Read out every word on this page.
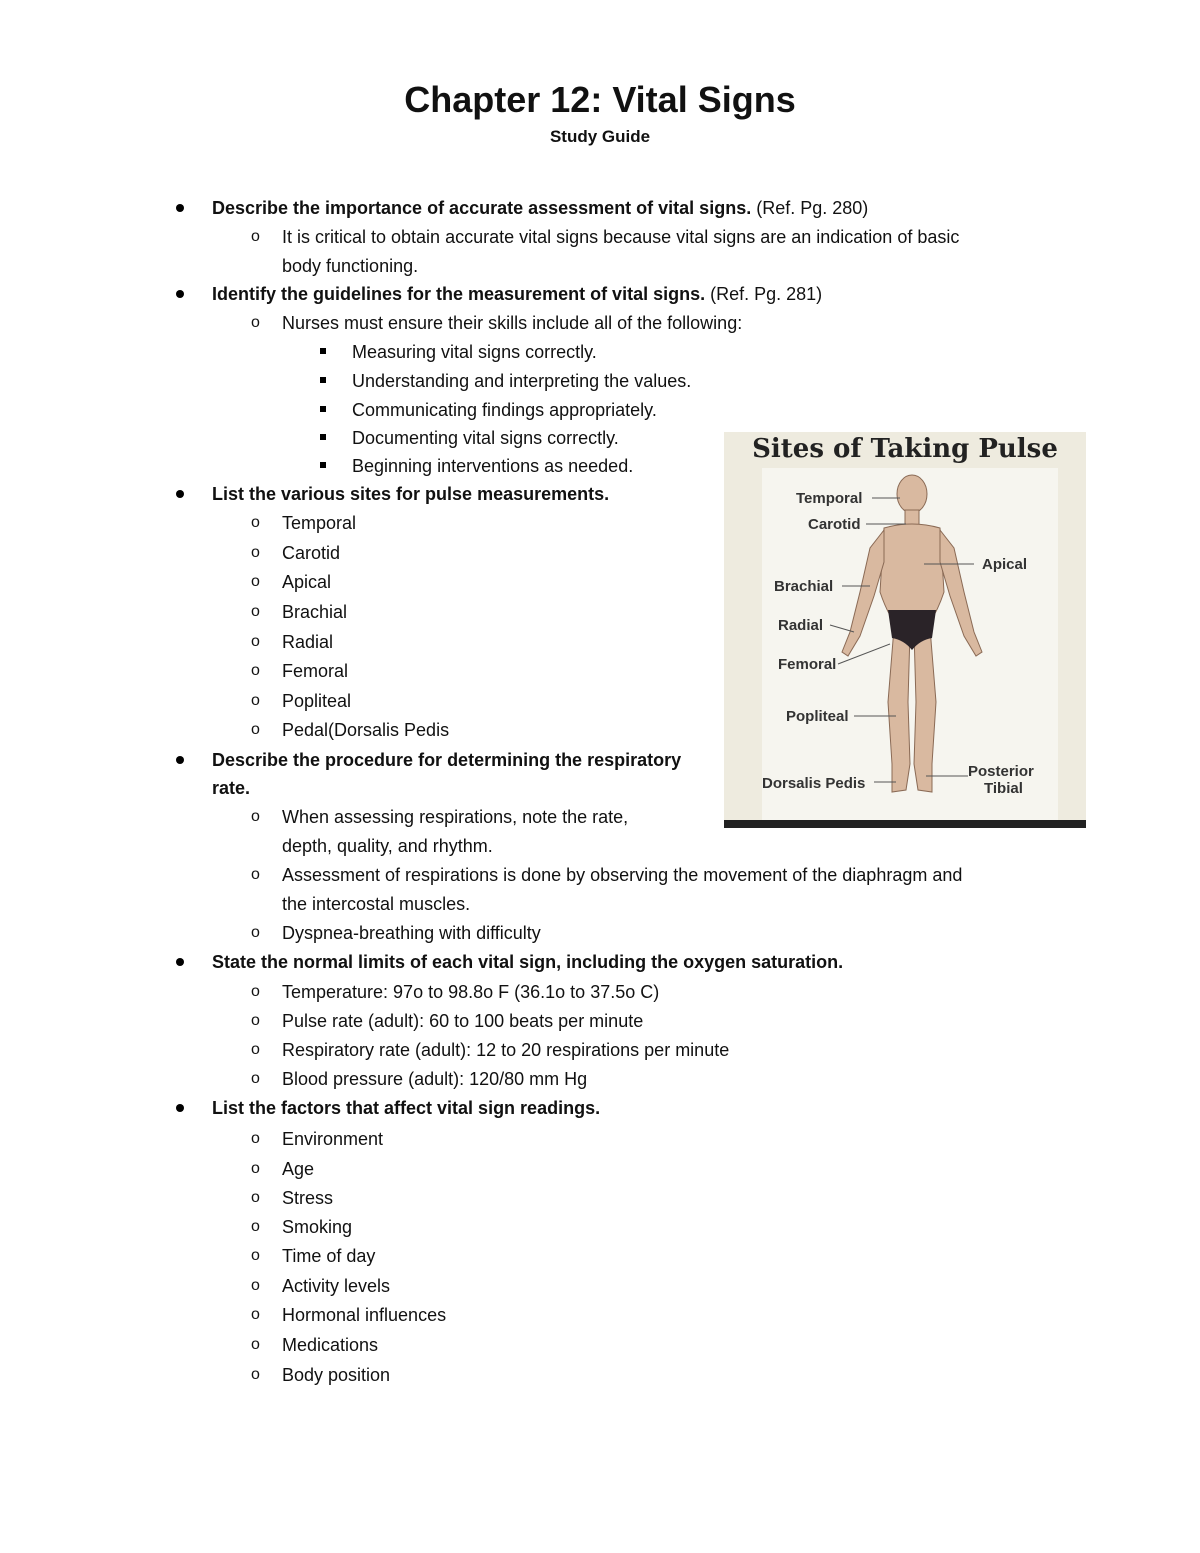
Chapter 12: Vital Signs
Study Guide
Describe the importance of accurate assessment of vital signs. (Ref. Pg. 280)
o It is critical to obtain accurate vital signs because vital signs are an indication of basic
body functioning.
Identify the guidelines for the measurement of vital signs. (Ref. Pg. 281)
o Nurses must ensure their skills include all of the following:
Measuring vital signs correctly.
Understanding and interpreting the values.
Communicating findings appropriately.
Documenting vital signs correctly.
Beginning interventions as needed.
List the various sites for pulse measurements.
o Temporal
o Carotid
o Apical
o Brachial
o Radial
o Femoral
o Popliteal
o Pedal(Dorsalis Pedis
Describe the procedure for determining the respiratory
rate.
o When assessing respirations, note the rate,
depth, quality, and rhythm.
o Assessment of respirations is done by observing the movement of the diaphragm and
the intercostal muscles.
o Dyspnea-breathing with difficulty
State the normal limits of each vital sign, including the oxygen saturation.
o Temperature: 97o to 98.8o F (36.1o to 37.5o C)
o Pulse rate (adult): 60 to 100 beats per minute
o Respiratory rate (adult): 12 to 20 respirations per minute
o Blood pressure (adult): 120/80 mm Hg
List the factors that affect vital sign readings.
o Environment
o Age
o Stress
o Smoking
o Time of day
o Activity levels
o Hormonal influences
o Medications
o Body position
Sites of Taking Pulse
Temporal
Carotid
Apical
Brachial
Radial
Femoral
Popliteal
Dorsalis Pedis
Posterior
Tibial
